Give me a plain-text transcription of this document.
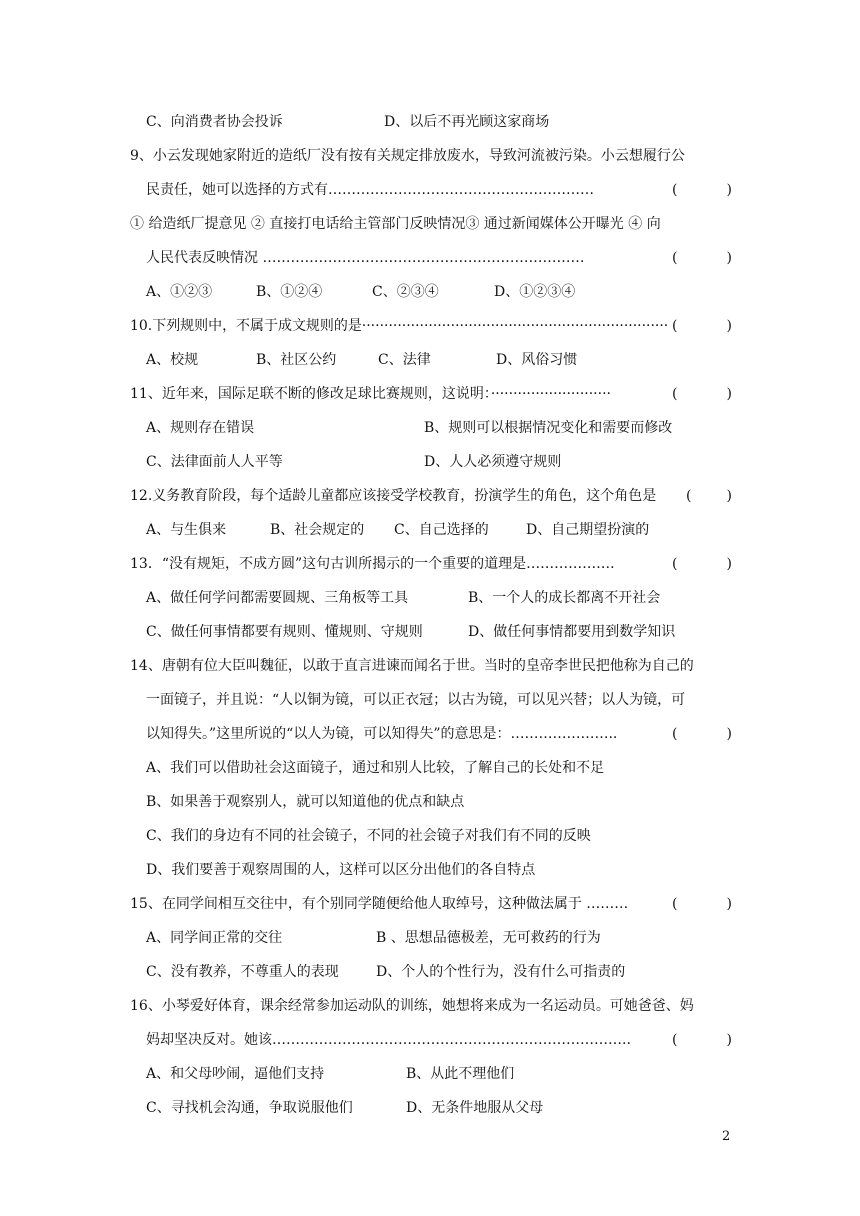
C、向消费者协会投诉	D、以后不再光顾这家商场
9、小云发现她家附近的造纸厂没有按有关规定排放废水，导致河流被污染。小云想履行公
民责任，她可以选择的方式有…………………………………………………	(	)
① 给造纸厂提意见 ② 直接打电话给主管部门反映情况③ 通过新闻媒体公开曝光 ④ 向
人民代表反映情况 ……………………………………………………………	(	)
A、①②③	B、①②④	C、②③④	D、①②③④
10.下列规则中，不属于成文规则的是····································································· (	)
A、校规	B、社区公约	C、法律	D、风俗习惯
11、近年来，国际足联不断的修改足球比赛规则，这说明：···························	(	)
A、规则存在错误	B、规则可以根据情况变化和需要而修改
C、法律面前人人平等	D、人人必须遵守规则
12.义务教育阶段，每个适龄儿童都应该接受学校教育，扮演学生的角色，这个角色是 (	)
A、与生俱来	B、社会规定的 C、自己选择的	D、自己期望扮演的
13．“没有规矩，不成方圆”这句古训所揭示的一个重要的道理是……………….	(	)
A、做任何学问都需要圆规、三角板等工具	B、一个人的成长都离不开社会
C、做任何事情都要有规则、懂规则、守规则	D、做任何事情都要用到数学知识
14、唐朝有位大臣叫魏征，以敢于直言进谏而闻名于世。当时的皇帝李世民把他称为自己的
一面镜子，并且说：“人以铜为镜，可以正衣冠；以古为镜，可以见兴替；以人为镜，可
以知得失。”这里所说的“以人为镜，可以知得失”的意思是：…………………..	(	)
A、我们可以借助社会这面镜子，通过和别人比较，了解自己的长处和不足
B、如果善于观察别人，就可以知道他的优点和缺点
C、我们的身边有不同的社会镜子，不同的社会镜子对我们有不同的反映
D、我们要善于观察周围的人，这样可以区分出他们的各自特点
15、在同学间相互交往中，有个别同学随便给他人取绰号，这种做法属于 ………	(	)
A、同学间正常的交往	B 、思想品德极差，无可救药的行为
C、没有教养，不尊重人的表现	D、个人的个性行为，没有什么可指责的
16、小琴爱好体育，课余经常参加运动队的训练，她想将来成为一名运动员。可她爸爸、妈
妈却坚决反对。她该…………………………………………………………………..	(	)
A、和父母吵闹，逼他们支持	B、从此不理他们
C、寻找机会沟通，争取说服他们	D、无条件地服从父母
2
